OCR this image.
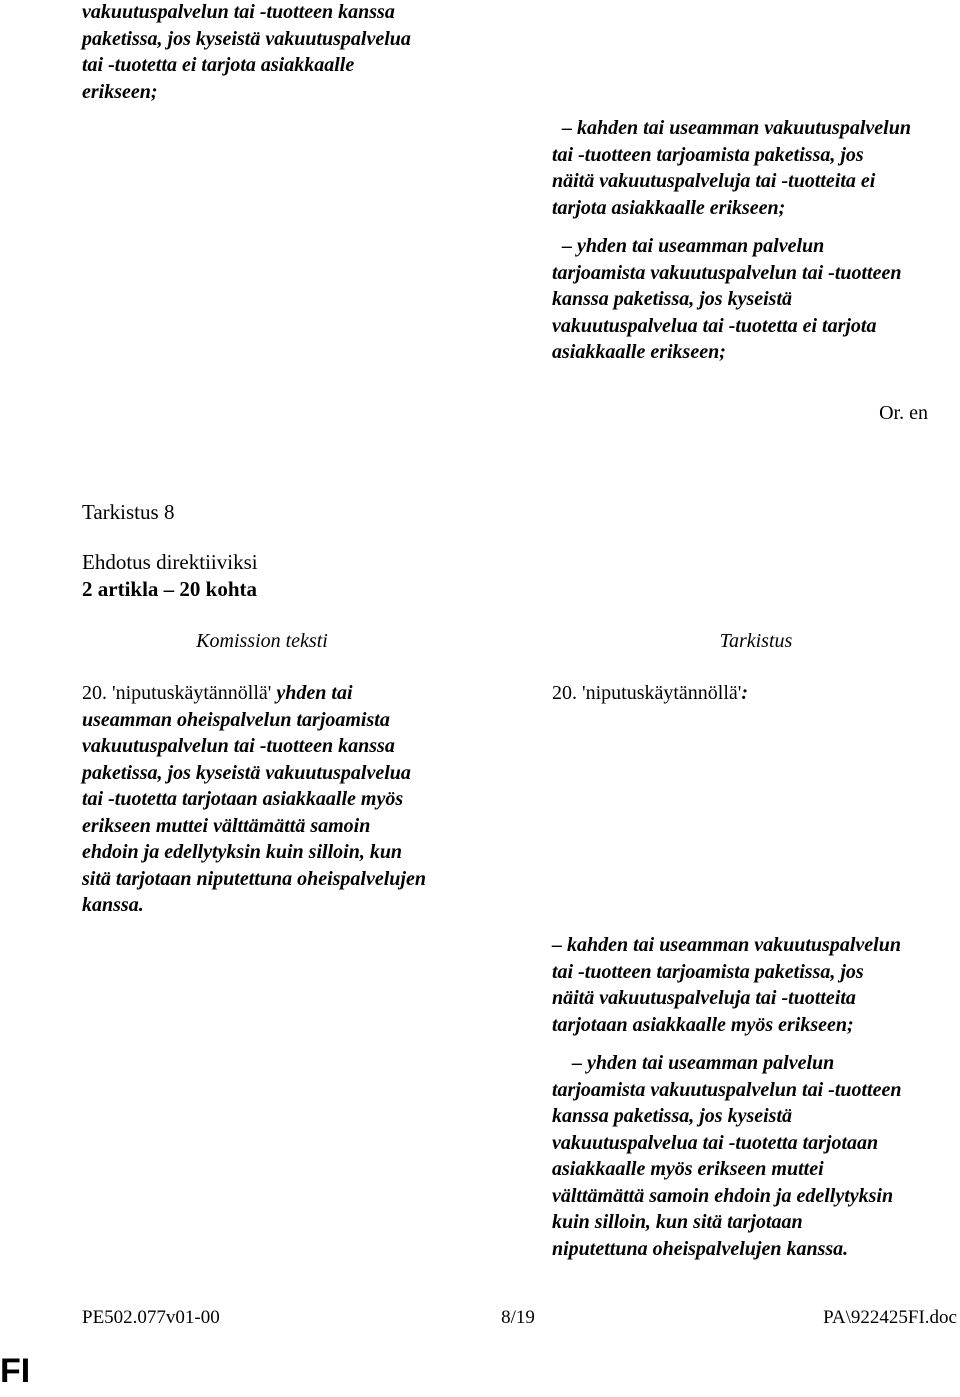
vakuutuspalvelun tai -tuotteen kanssa
paketissa, jos kyseistä vakuutuspalvelua
tai -tuotetta ei tarjota asiakkaalle
erikseen;
– kahden tai useamman vakuutuspalvelun
tai -tuotteen tarjoamista paketissa, jos
näitä vakuutuspalveluja tai -tuotteita ei
tarjota asiakkaalle erikseen;
– yhden tai useamman palvelun
tarjoamista vakuutuspalvelun tai -tuotteen
kanssa paketissa, jos kyseistä
vakuutuspalvelua tai -tuotetta ei tarjota
asiakkaalle erikseen;
Or. en
Tarkistus 8
Ehdotus direktiiviksi
2 artikla – 20 kohta
Komission teksti	Tarkistus
20. 'niputuskäytännöllä' yhden tai
useamman oheispalvelun tarjoamista
vakuutuspalvelun tai -tuotteen kanssa
paketissa, jos kyseistä vakuutuspalvelua
tai -tuotetta tarjotaan asiakkaalle myös
erikseen muttei välttämättä samoin
ehdoin ja edellytyksin kuin silloin, kun
sitä tarjotaan niputettuna oheispalvelujen
kanssa.
20. 'niputuskäytännöllä':
– kahden tai useamman vakuutuspalvelun
tai -tuotteen tarjoamista paketissa, jos
näitä vakuutuspalveluja tai -tuotteita
tarjotaan asiakkaalle myös erikseen;
– yhden tai useamman palvelun
tarjoamista vakuutuspalvelun tai -tuotteen
kanssa paketissa, jos kyseistä
vakuutuspalvelua tai -tuotetta tarjotaan
asiakkaalle myös erikseen muttei
välttämättä samoin ehdoin ja edellytyksin
kuin silloin, kun sitä tarjotaan
niputettuna oheispalvelujen kanssa.
PE502.077v01-00	8/19	PA\922425FI.doc
FI
